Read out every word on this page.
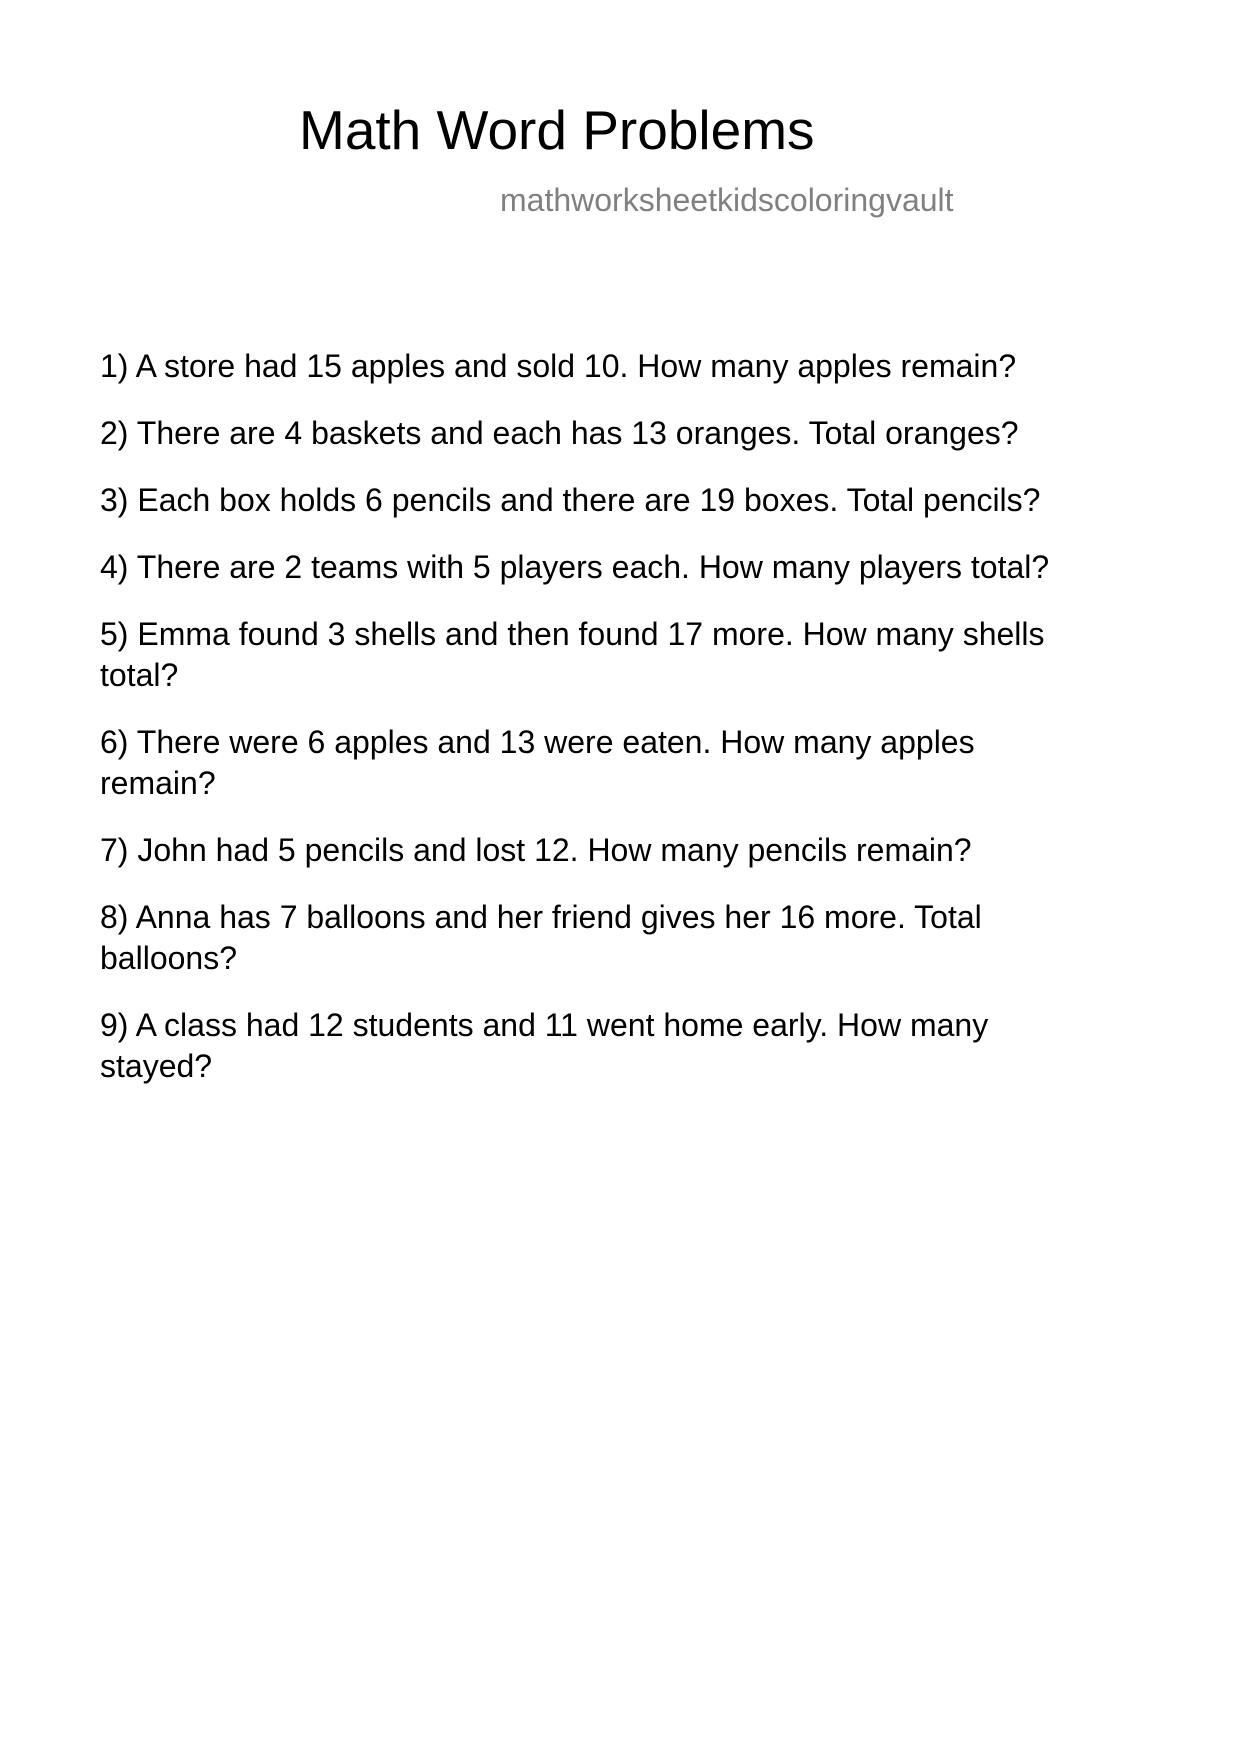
Math Word Problems
mathworksheetkidscoloringvault
1) A store had 15 apples and sold 10. How many apples remain?
2) There are 4 baskets and each has 13 oranges. Total oranges?
3) Each box holds 6 pencils and there are 19 boxes. Total pencils?
4) There are 2 teams with 5 players each. How many players total?
5) Emma found 3 shells and then found 17 more. How many shells total?
6) There were 6 apples and 13 were eaten. How many apples remain?
7) John had 5 pencils and lost 12. How many pencils remain?
8) Anna has 7 balloons and her friend gives her 16 more. Total balloons?
9) A class had 12 students and 11 went home early. How many stayed?
